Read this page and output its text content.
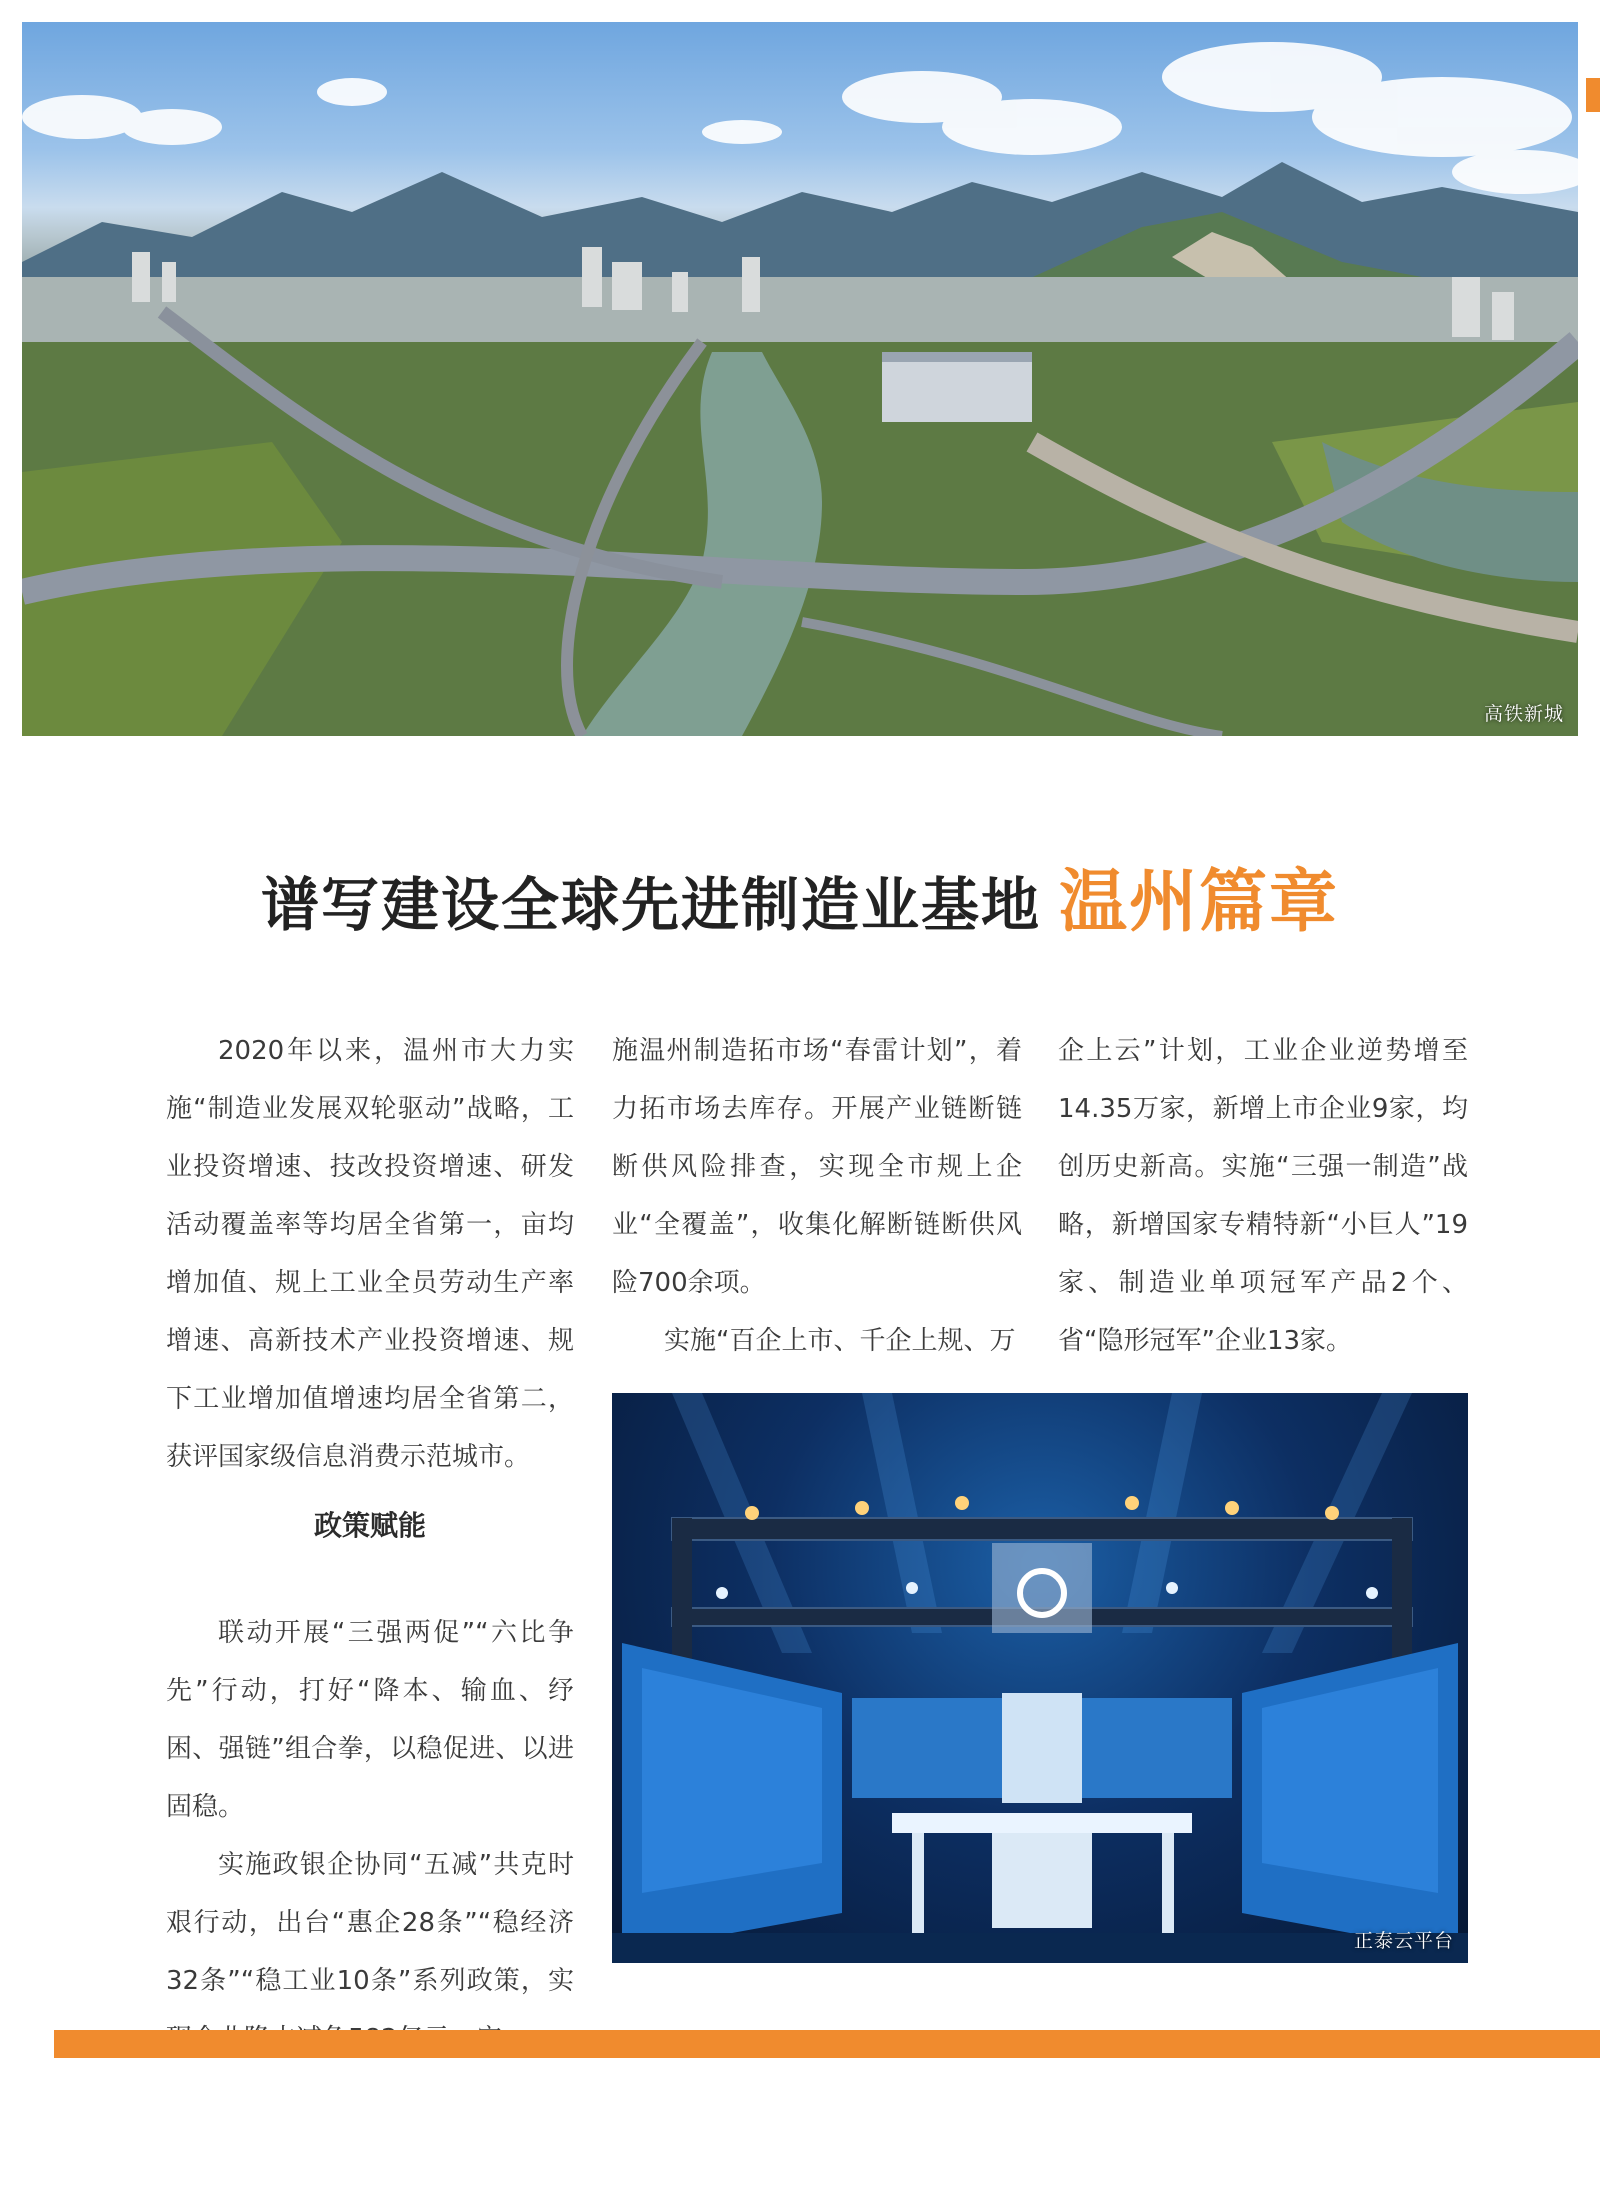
高铁新城
谱写建设全球先进制造业基地 温州篇章

2020年以来，温州市大力实施“制造业发展双轮驱动”战略，工业投资增速、技改投资增速、研发活动覆盖率等均居全省第一，亩均增加值、规上工业全员劳动生产率增速、高新技术产业投资增速、规下工业增加值增速均居全省第二，获评国家级信息消费示范城市。

政策赋能

联动开展“三强两促”“六比争先”行动，打好“降本、输血、纾困、强链”组合拳，以稳促进、以进固稳。

实施政银企协同“五减”共克时艰行动，出台“惠企28条”“稳经济32条”“稳工业10条”系列政策，实

施温州制造拓市场“春雷计划”，着力拓市场去库存。开展产业链断链断供风险排查，实现全市规上企业“全覆盖”，收集化解断链断供风险700余项。

实施“百企上市、千企上规、万

企上云”计划，工业企业逆势增至14.35万家，新增上市企业9家，均创历史新高。实施“三强一制造”战略，新增国家专精特新“小巨人”19家、制造业单项冠军产品2个、省“隐形冠军”企业13家。

正泰云平台
